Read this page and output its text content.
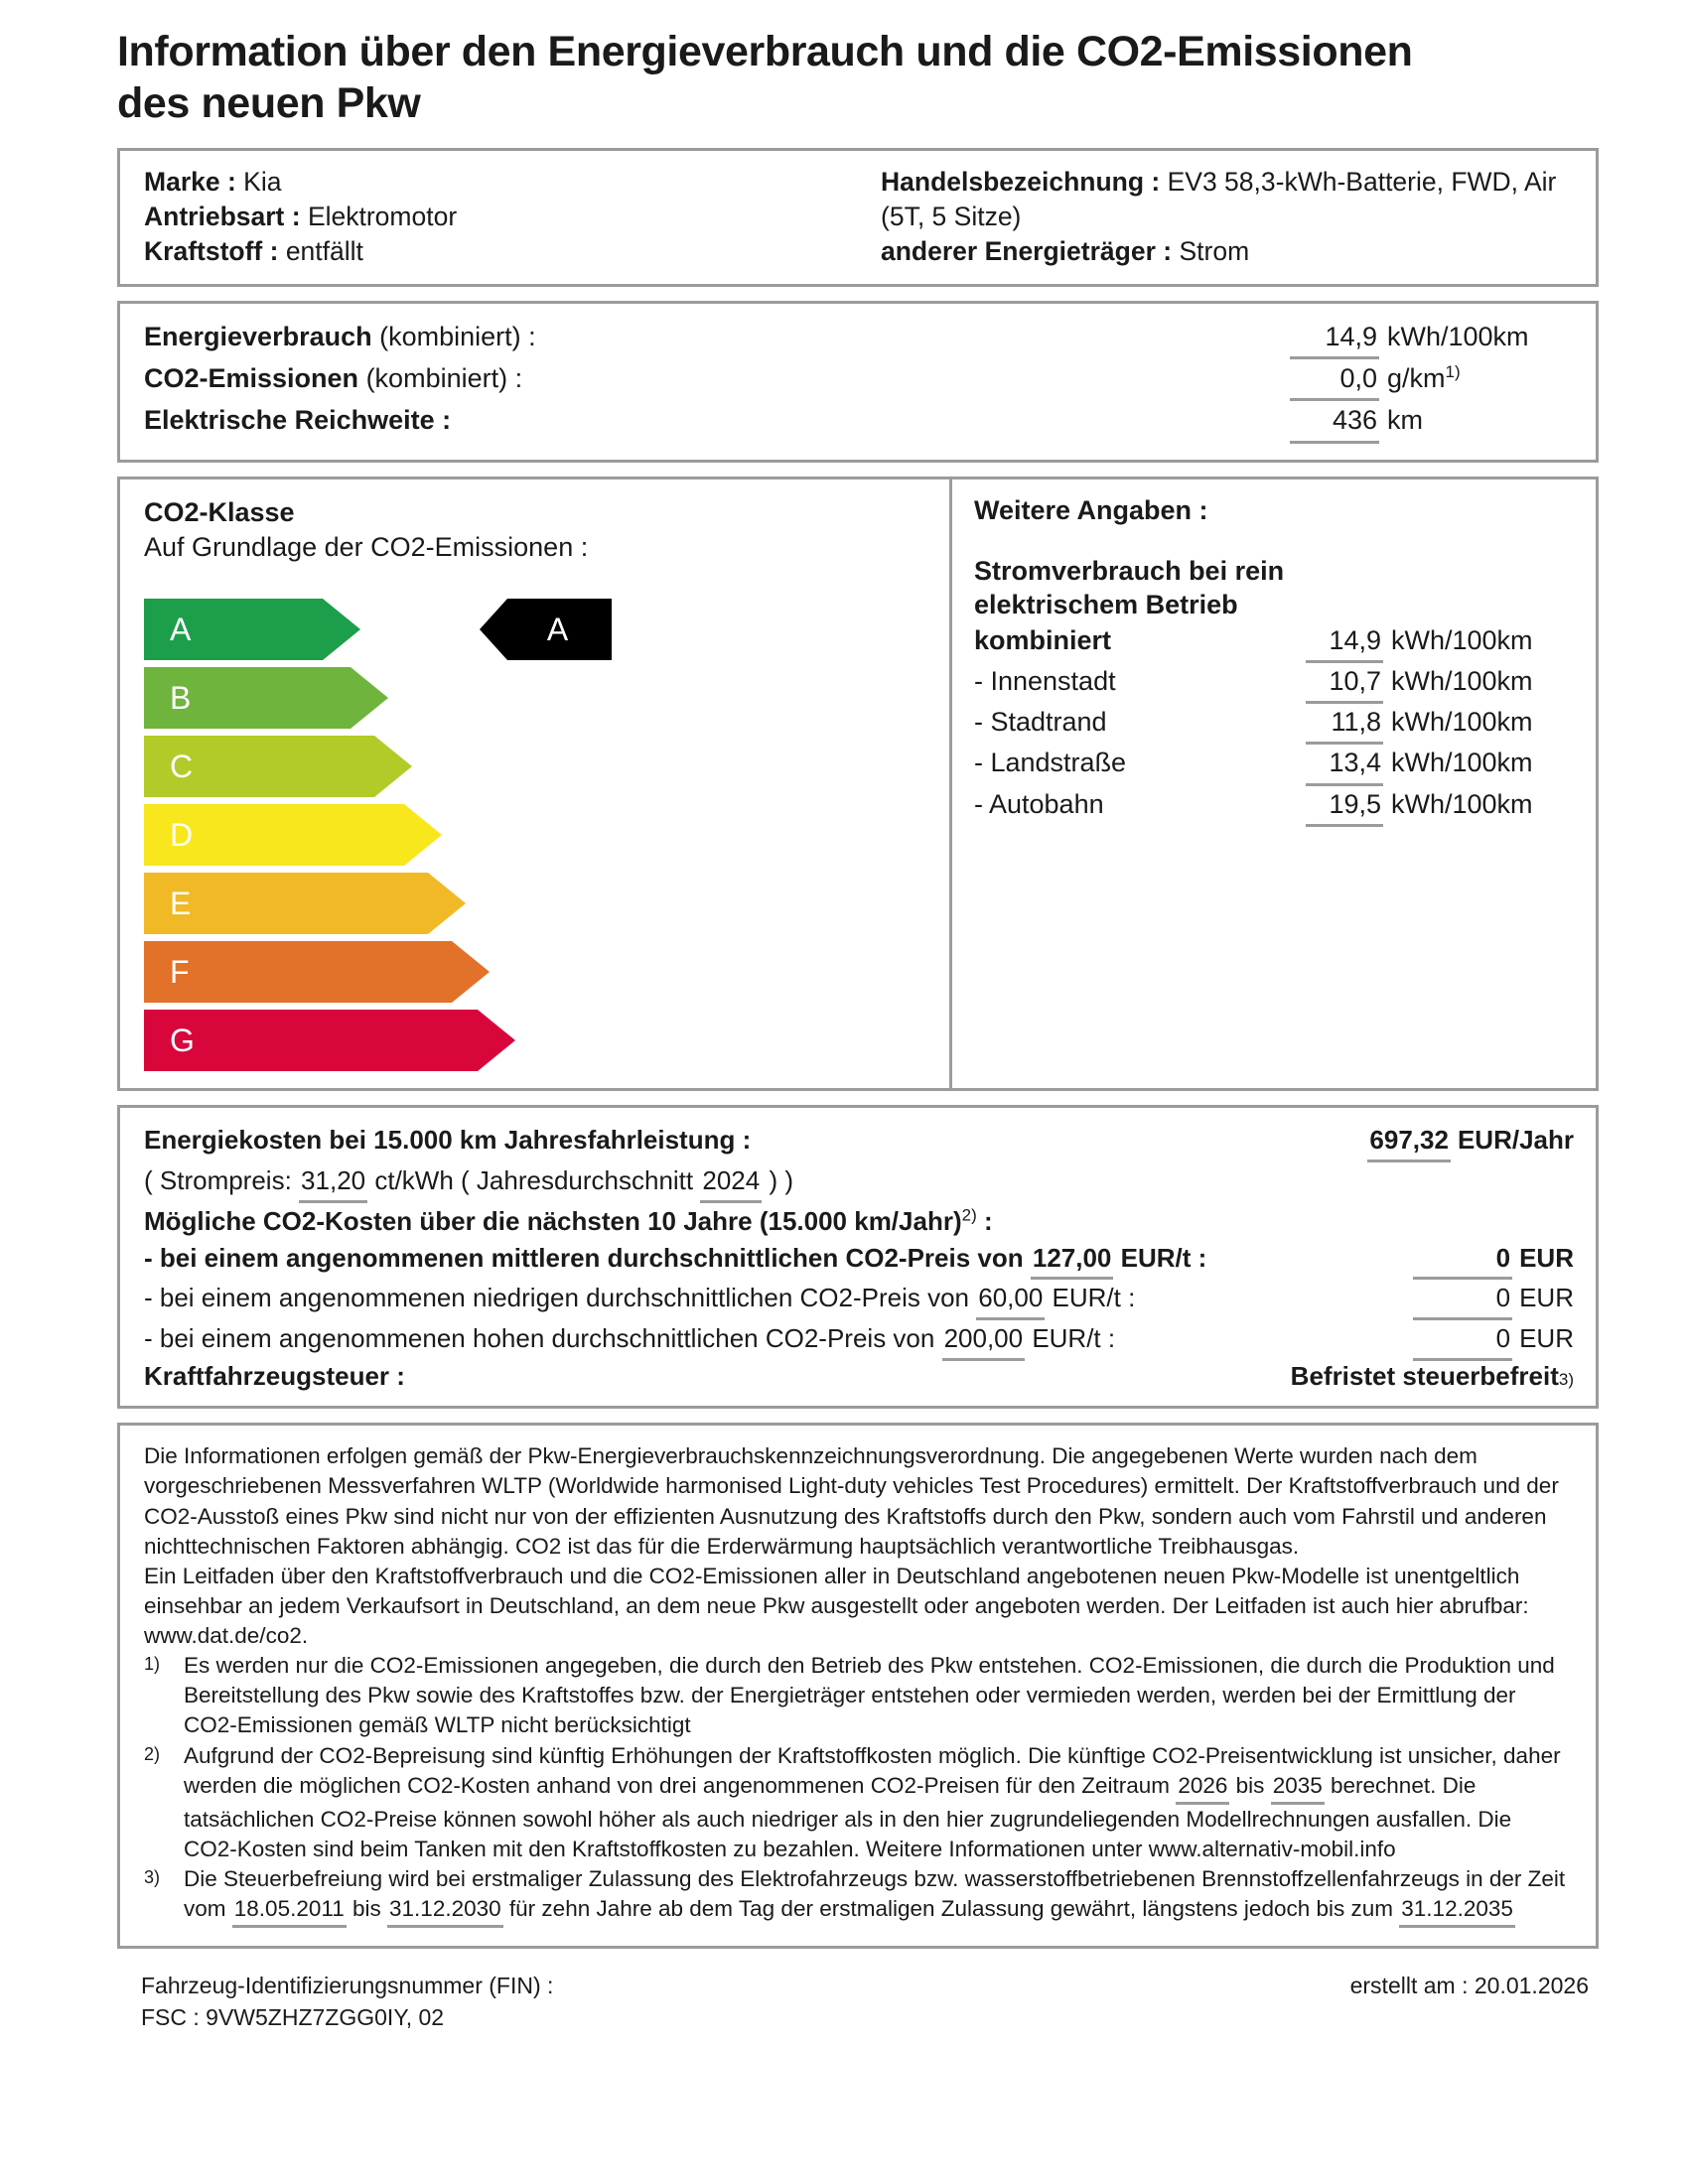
Information über den Energieverbrauch und die CO2-Emissionen des neuen Pkw
Marke : Kia
Antriebsart : Elektromotor
Kraftstoff : entfällt
Handelsbezeichnung : EV3 58,3-kWh-Batterie, FWD, Air (5T, 5 Sitze)
anderer Energieträger : Strom
Energieverbrauch (kombiniert) :	14,9 kWh/100km
CO2-Emissionen (kombiniert) :	0,0 g/km$^{1)}$
Elektrische Reichweite :	436 km
CO2-Klasse
Auf Grundlage der CO2-Emissionen :
A	A
B
C
D
E
F
G
Weitere Angaben :
Stromverbrauch bei rein
elektrischem Betrieb
kombiniert	14,9 kWh/100km
- Innenstadt	10,7 kWh/100km
- Stadtrand	11,8 kWh/100km
- Landstraße	13,4 kWh/100km
- Autobahn	19,5 kWh/100km
Energiekosten bei 15.000 km Jahresfahrleistung :	697,32 EUR/Jahr
( Strompreis: 31,20 ct/kWh ( Jahresdurchschnitt 2024 ) )
Mögliche CO2-Kosten über die nächsten 10 Jahre (15.000 km/Jahr)$^{2)}$ :
- bei einem angenommenen mittleren durchschnittlichen CO2-Preis von 127,00 EUR/t :	0 EUR
- bei einem angenommenen niedrigen durchschnittlichen CO2-Preis von 60,00 EUR/t :	0 EUR
- bei einem angenommenen hohen durchschnittlichen CO2-Preis von 200,00 EUR/t :	0 EUR
Kraftfahrzeugsteuer :	Befristet steuerbefreit 3)

Die Informationen erfolgen gemäß der Pkw-Energieverbrauchskennzeichnungsverordnung. Die angegebenen Werte wurden nach dem vorgeschriebenen Messverfahren WLTP (Worldwide harmonised Light-duty vehicles Test Procedures) ermittelt. Der Kraftstoffverbrauch und der CO2-Ausstoß eines Pkw sind nicht nur von der effizienten Ausnutzung des Kraftstoffs durch den Pkw, sondern auch vom Fahrstil und anderen nichttechnischen Faktoren abhängig. CO2 ist das für die Erderwärmung hauptsächlich verantwortliche Treibhausgas.

Ein Leitfaden über den Kraftstoffverbrauch und die CO2-Emissionen aller in Deutschland angebotenen neuen Pkw-Modelle ist unentgeltlich einsehbar an jedem Verkaufsort in Deutschland, an dem neue Pkw ausgestellt oder angeboten werden. Der Leitfaden ist auch hier abrufbar: www.dat.de/co2.

1)	Es werden nur die CO2-Emissionen angegeben, die durch den Betrieb des Pkw entstehen. CO2-Emissionen, die durch die Produktion und Bereitstellung des Pkw sowie des Kraftstoffes bzw. der Energieträger entstehen oder vermieden werden, werden bei der Ermittlung der CO2-Emissionen gemäß WLTP nicht berücksichtigt
2)	Aufgrund der CO2-Bepreisung sind künftig Erhöhungen der Kraftstoffkosten möglich. Die künftige CO2-Preisentwicklung ist unsicher, daher werden die möglichen CO2-Kosten anhand von drei angenommenen CO2-Preisen für den Zeitraum 2026 bis 2035 berechnet. Die tatsächlichen CO2-Preise können sowohl höher als auch niedriger als in den hier zugrundeliegenden Modellrechnungen ausfallen. Die CO2-Kosten sind beim Tanken mit den Kraftstoffkosten zu bezahlen. Weitere Informationen unter www.alternativ-mobil.info
3)	Die Steuerbefreiung wird bei erstmaliger Zulassung des Elektrofahrzeugs bzw. wasserstoffbetriebenen Brennstoffzellenfahrzeugs in der Zeit vom 18.05.2011 bis 31.12.2030 für zehn Jahre ab dem Tag der erstmaligen Zulassung gewährt, längstens jedoch bis zum 31.12.2035
Fahrzeug-Identifizierungsnummer (FIN) :
FSC : 9VW5ZHZ7ZGG0IY, 02
erstellt am : 20.01.2026
